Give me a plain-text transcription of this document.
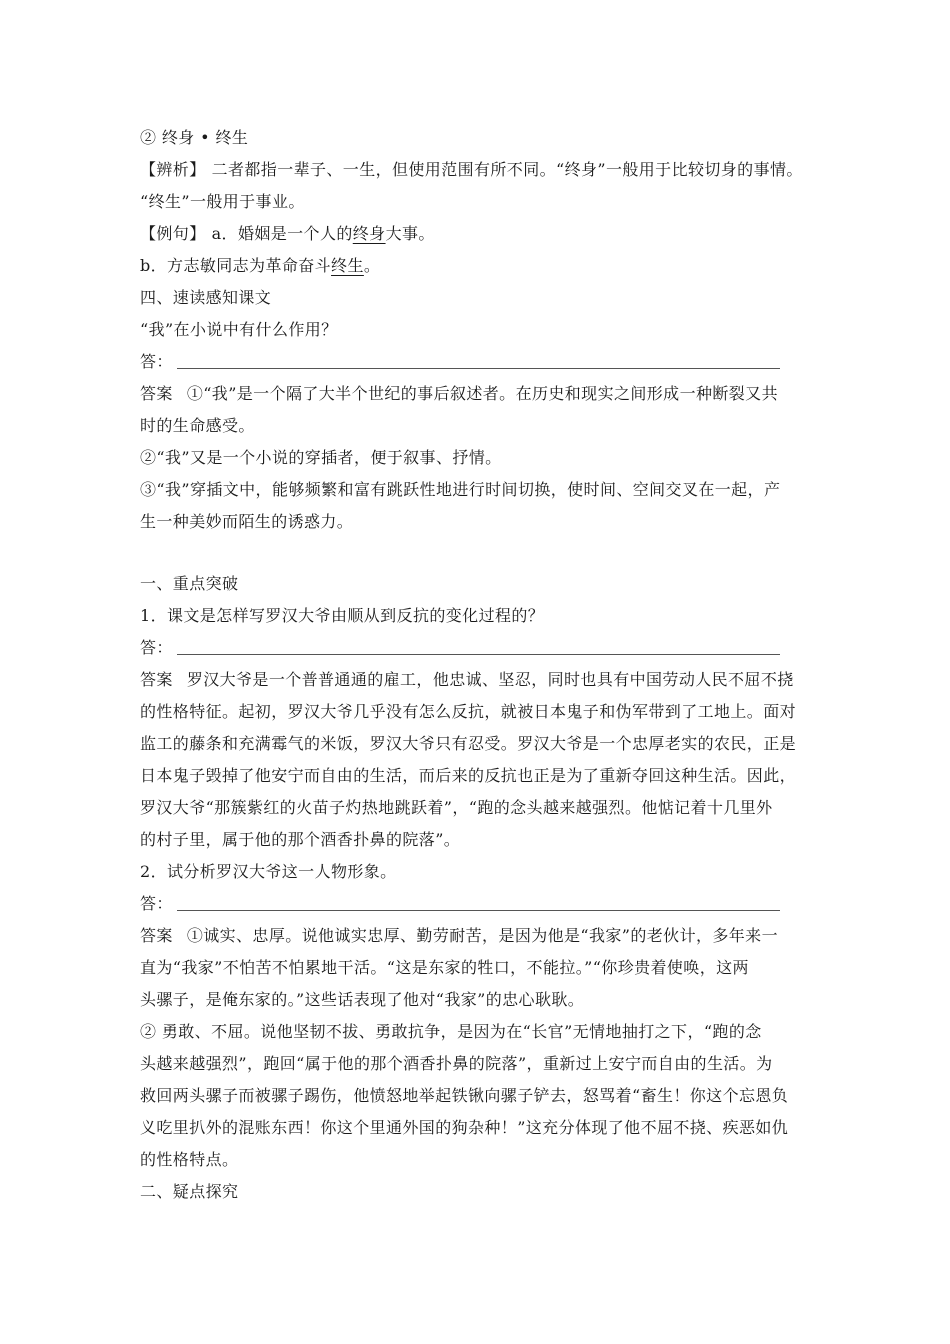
② 终身 • 终生
【辨析】 二者都指一辈子、一生，但使用范围有所不同。“终身”一般用于比较切身的事情。
“终生”一般用于事业。
【例句】 a．婚姻是一个人的终身大事。
b．方志敏同志为革命奋斗终生。
四、速读感知课文
“我”在小说中有什么作用？
答：
答案 ①“我”是一个隔了大半个世纪的事后叙述者。在历史和现实之间形成一种断裂又共
时的生命感受。
②“我”又是一个小说的穿插者，便于叙事、抒情。
③“我”穿插文中，能够频繁和富有跳跃性地进行时间切换，使时间、空间交叉在一起，产
生一种美妙而陌生的诱惑力。
一、重点突破
1．课文是怎样写罗汉大爷由顺从到反抗的变化过程的？
答：
答案 罗汉大爷是一个普普通通的雇工，他忠诚、坚忍，同时也具有中国劳动人民不屈不挠
的性格特征。起初，罗汉大爷几乎没有怎么反抗，就被日本鬼子和伪军带到了工地上。面对
监工的藤条和充满霉气的米饭，罗汉大爷只有忍受。罗汉大爷是一个忠厚老实的农民，正是
日本鬼子毁掉了他安宁而自由的生活，而后来的反抗也正是为了重新夺回这种生活。因此，
罗汉大爷“那簇紫红的火苗子灼热地跳跃着”，“跑的念头越来越强烈。他惦记着十几里外
的村子里，属于他的那个酒香扑鼻的院落”。
2．试分析罗汉大爷这一人物形象。
答：
答案 ①诚实、忠厚。说他诚实忠厚、勤劳耐苦，是因为他是“我家”的老伙计，多年来一
直为“我家”不怕苦不怕累地干活。“这是东家的牲口，不能拉。”“你珍贵着使唤，这两
头骡子，是俺东家的。”这些话表现了他对“我家”的忠心耿耿。
② 勇敢、不屈。说他坚韧不拔、勇敢抗争，是因为在“长官”无情地抽打之下，“跑的念
头越来越强烈”，跑回“属于他的那个酒香扑鼻的院落”，重新过上安宁而自由的生活。为
救回两头骡子而被骡子踢伤，他愤怒地举起铁锹向骡子铲去，怒骂着“畜生！你这个忘恩负
义吃里扒外的混账东西！你这个里通外国的狗杂种！”这充分体现了他不屈不挠、疾恶如仇
的性格特点。
二、疑点探究
